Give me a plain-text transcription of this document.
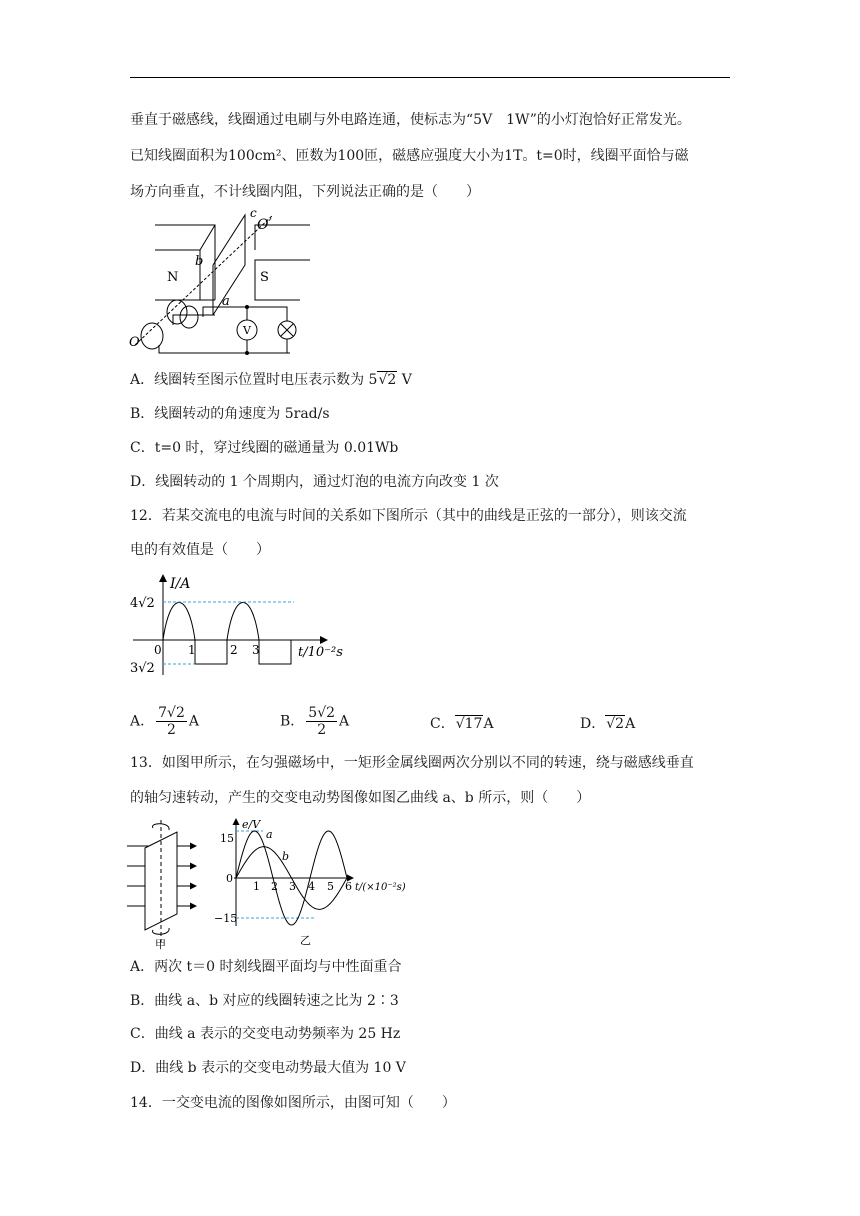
垂直于磁感线，线圈通过电刷与外电路连通，使标志为“5V　1W”的小灯泡恰好正常发光。
已知线圈面积为100cm²、匝数为100匝，磁感应强度大小为1T。t=0时，线圈平面恰与磁
场方向垂直，不计线圈内阻，下列说法正确的是（　　）
V
c
O′
N	S
b
a
O
A．线圈转至图示位置时电压表示数为 5√2 V
B．线圈转动的角速度为 5rad/s
C．t=0 时，穿过线圈的磁通量为 0.01Wb
D．线圈转动的 1 个周期内，通过灯泡的电流方向改变 1 次
12．若某交流电的电流与时间的关系如下图所示（其中的曲线是正弦的一部分），则该交流
电的有效值是（　　）
I/A
4√2
3√2
0 1	2 3	t/10⁻²s
A． $\frac{7√2}{2}$ A	B． $\frac{5√2}{2}$ A	C．√17A	D．√2A
13．如图甲所示，在匀强磁场中，一矩形金属线圈两次分别以不同的转速，绕与磁感线垂直
的轴匀速转动，产生的交变电动势图像如图乙曲线 a、b 所示，则（　　）
甲
e/V
15
−15
0
1 2 3 4 5 6 t/(×10⁻²s)
a
b
乙
A．两次 t＝0 时刻线圈平面均与中性面重合
B．曲线 a、b 对应的线圈转速之比为 2∶3
C．曲线 a 表示的交变电动势频率为 25 Hz
D．曲线 b 表示的交变电动势最大值为 10 V
14．一交变电流的图像如图所示，由图可知（　　）
